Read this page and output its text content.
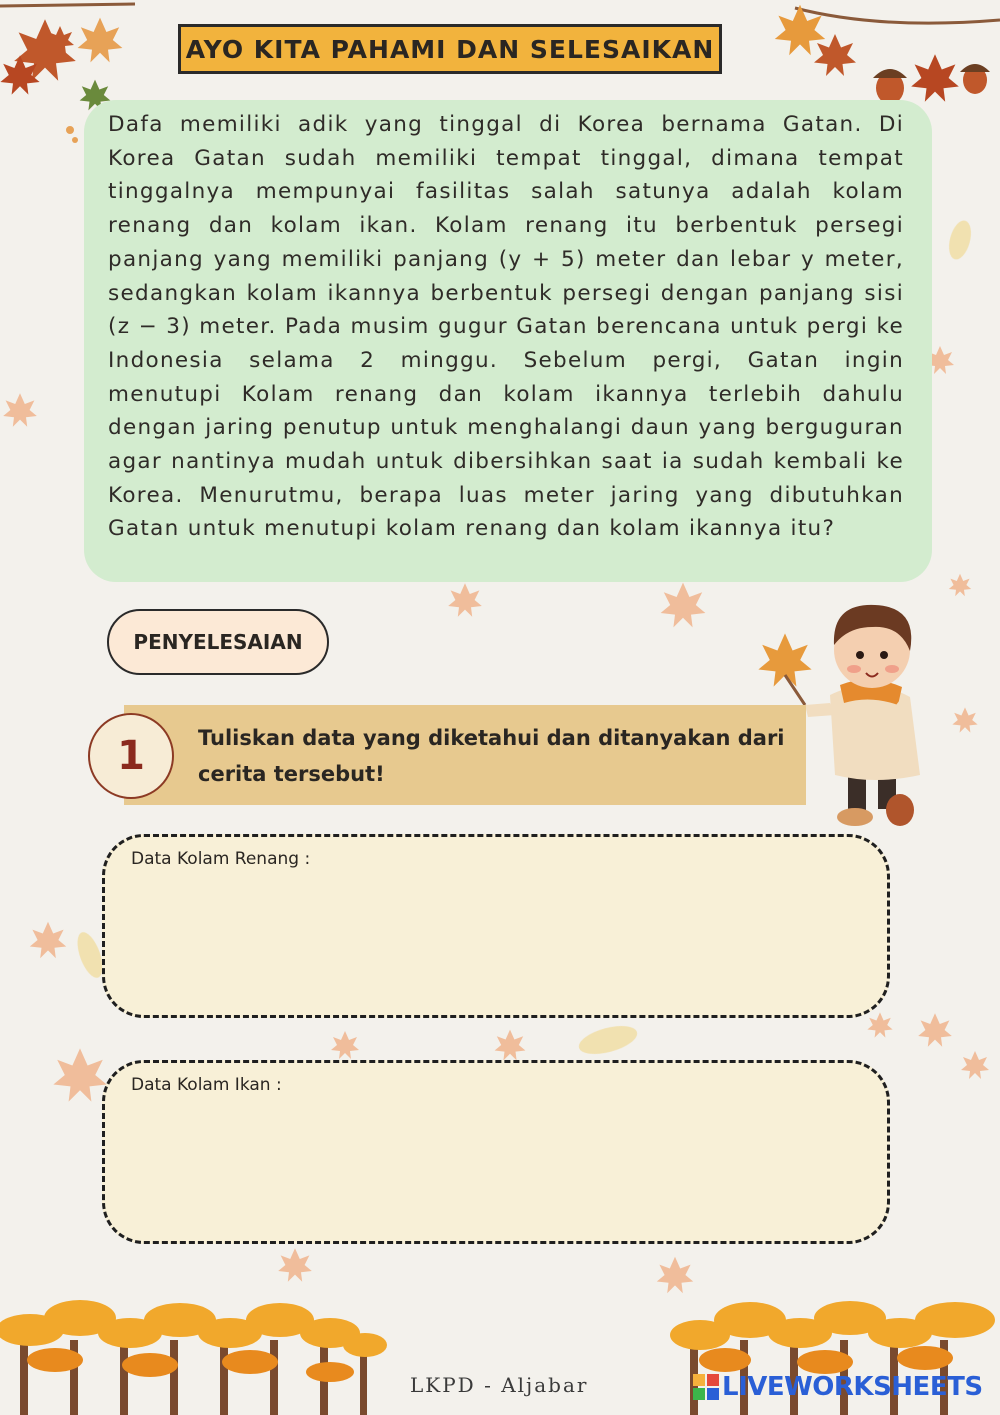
AYO KITA PAHAMI DAN SELESAIKAN

Dafa memiliki adik yang tinggal di Korea bernama Gatan. Di Korea Gatan sudah memiliki tempat tinggal, dimana tempat tinggalnya mempunyai fasilitas salah satunya adalah kolam renang dan kolam ikan. Kolam renang itu berbentuk persegi panjang yang memiliki panjang (y + 5) meter dan lebar y meter, sedangkan kolam ikannya berbentuk persegi dengan panjang sisi (z − 3) meter. Pada musim gugur Gatan berencana untuk pergi ke Indonesia selama 2 minggu. Sebelum pergi, Gatan ingin menutupi Kolam renang dan kolam ikannya terlebih dahulu dengan jaring penutup untuk menghalangi daun yang berguguran agar nantinya mudah untuk dibersihkan saat ia sudah kembali ke Korea. Menurutmu, berapa luas meter jaring yang dibutuhkan Gatan untuk menutupi kolam renang dan kolam ikannya itu?

PENYELESAIAN
1	Tuliskan data yang diketahui dan ditanyakan dari cerita tersebut!
Data Kolam Renang :
Data Kolam Ikan :
LKPD - Aljabar	LIVEWORKSHEETS
